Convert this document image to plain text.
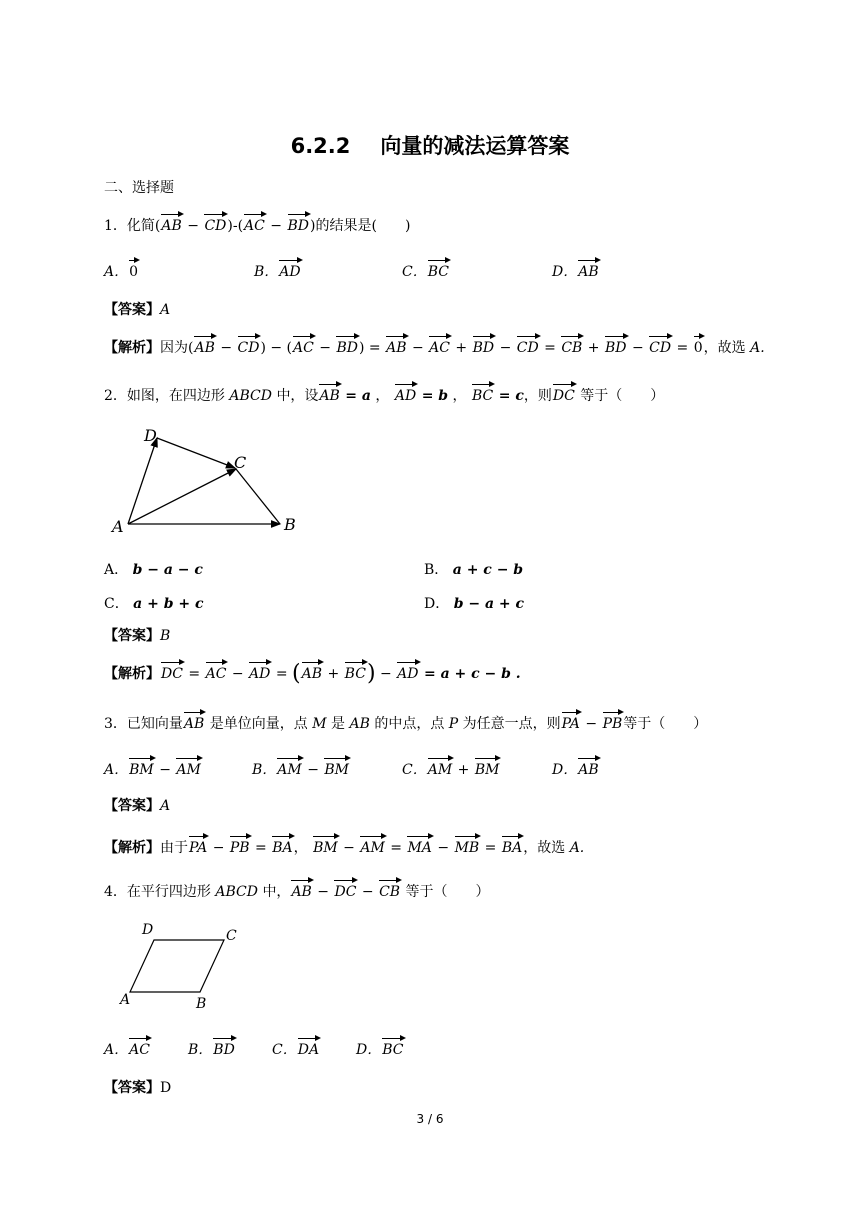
6.2.2 向量的减法运算答案
二、选择题
1．化简(AB − CD)-(AC − BD)的结果是(　　)
A．0	B．AD	C．BC	D．AB
【答案】A
【解析】因为(AB − CD) − (AC − BD) = AB − AC + BD − CD = CB + BD − CD = 0，故选 A.
2．如图，在四边形 ABCD 中，设AB = a ， AD = b ， BC = c，则DC 等于（　　）
D
C
A	B
A． b − a − c	B． a + c − b
C． a + b + c	D． b − a + c
【答案】B
【解析】DC = AC − AD = (AB + BC) − AD = a + c − b .
3．已知向量AB 是单位向量，点 M 是 AB 的中点，点 P 为任意一点，则PA − PB等于（　　）
A．BM − AM	B．AM − BM	C．AM + BM	D．AB
【答案】A
【解析】由于PA − PB = BA， BM − AM = MA − MB = BA，故选 A.
4．在平行四边形 ABCD 中，AB − DC − CB 等于（　　）
D	C
A	B
A．AC	B．BD	C．DA	D．BC
【答案】D
3 / 6
